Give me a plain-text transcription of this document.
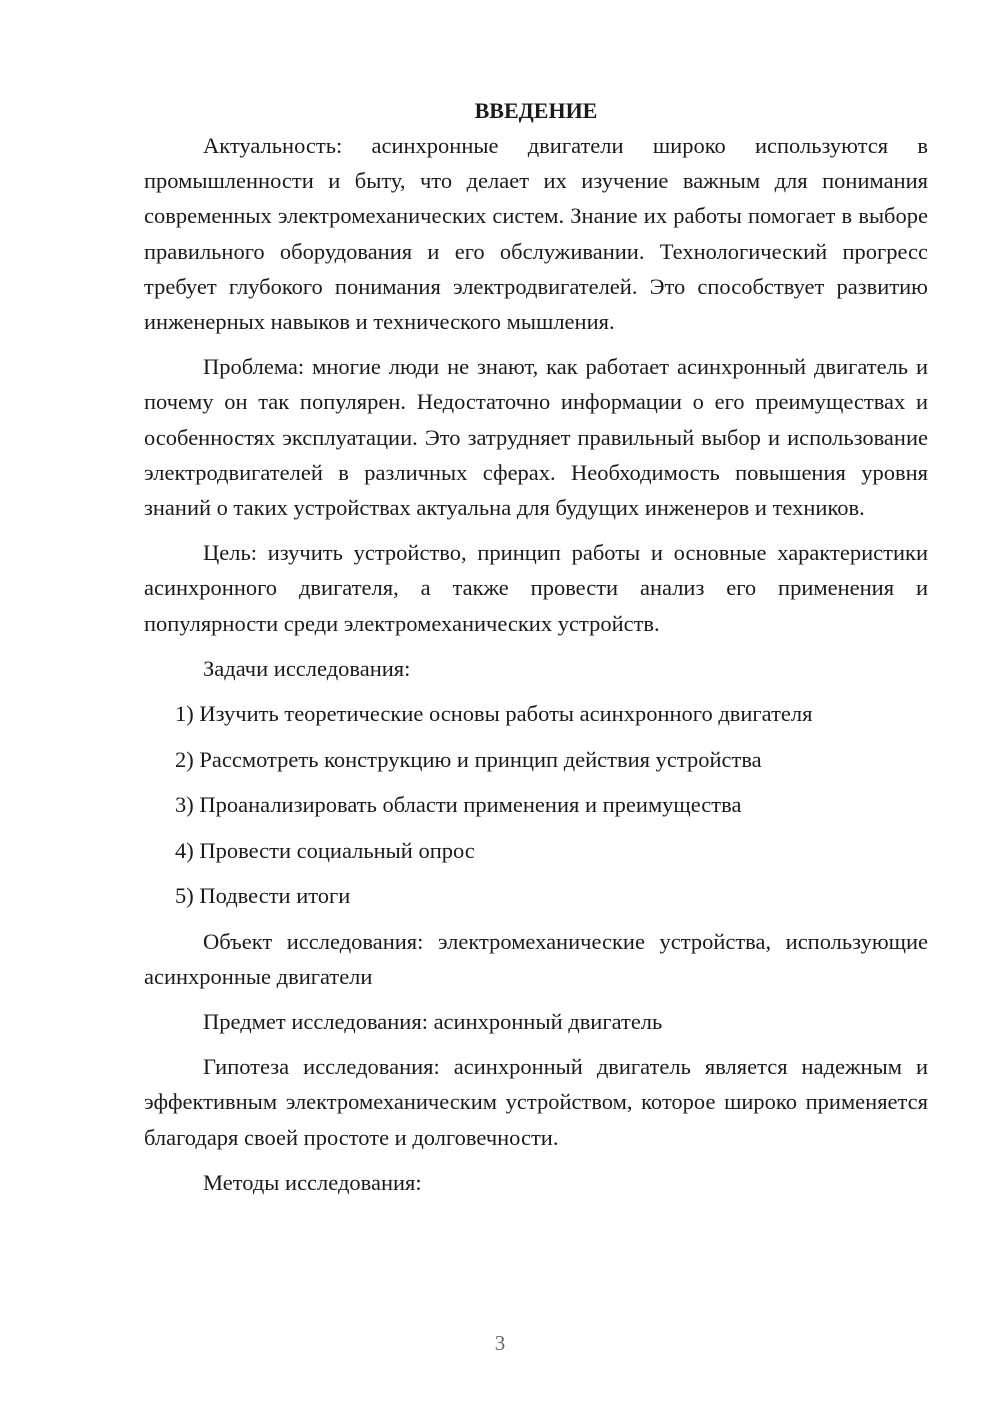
ВВЕДЕНИЕ

Актуальность: асинхронные двигатели широко используются в промышленности и быту, что делает их изучение важным для понимания современных электромеханических систем. Знание их работы помогает в выборе правильного оборудования и его обслуживании. Технологический прогресс требует глубокого понимания электродвигателей. Это способствует развитию инженерных навыков и технического мышления.

Проблема: многие люди не знают, как работает асинхронный двигатель и почему он так популярен. Недостаточно информации о его преимуществах и особенностях эксплуатации. Это затрудняет правильный выбор и использование электродвигателей в различных сферах. Необходимость повышения уровня знаний о таких устройствах актуальна для будущих инженеров и техников.

Цель: изучить устройство, принцип работы и основные характеристики асинхронного двигателя, а также провести анализ его применения и популярности среди электромеханических устройств.

Задачи исследования:

1) Изучить теоретические основы работы асинхронного двигателя
2) Рассмотреть конструкцию и принцип действия устройства
3) Проанализировать области применения и преимущества
4) Провести социальный опрос
5) Подвести итоги

Объект исследования: электромеханические устройства, использующие асинхронные двигатели

Предмет исследования: асинхронный двигатель

Гипотеза исследования: асинхронный двигатель является надежным и эффективным электромеханическим устройством, которое широко применяется благодаря своей простоте и долговечности.

Методы исследования:

3
